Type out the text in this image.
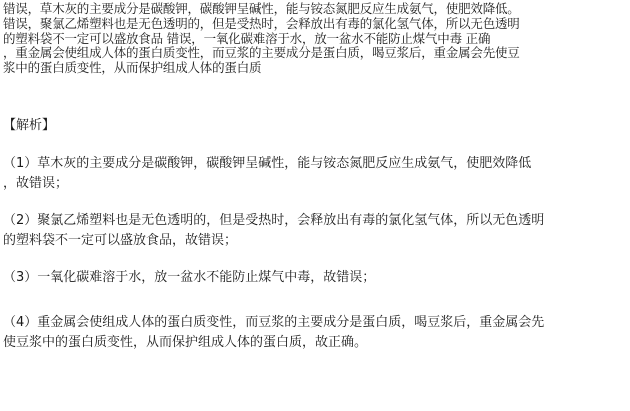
错误，草木灰的主要成分是碳酸钾，碳酸钾呈碱性，能与铵态氮肥反应生成氨气，使肥效降低。
错误，聚氯乙烯塑料也是无色透明的，但是受热时，会释放出有毒的氯化氢气体，所以无色透明
的塑料袋不一定可以盛放食品 错误，一氧化碳难溶于水，放一盆水不能防止煤气中毒 正确
，重金属会使组成人体的蛋白质变性，而豆浆的主要成分是蛋白质，喝豆浆后，重金属会先使豆
浆中的蛋白质变性，从而保护组成人体的蛋白质
【解析】
（1）草木灰的主要成分是碳酸钾，碳酸钾呈碱性，能与铵态氮肥反应生成氨气，使肥效降低
，故错误；
（2）聚氯乙烯塑料也是无色透明的，但是受热时，会释放出有毒的氯化氢气体，所以无色透明
的塑料袋不一定可以盛放食品，故错误；
（3）一氧化碳难溶于水，放一盆水不能防止煤气中毒，故错误；
（4）重金属会使组成人体的蛋白质变性，而豆浆的主要成分是蛋白质，喝豆浆后，重金属会先
使豆浆中的蛋白质变性，从而保护组成人体的蛋白质，故正确。
